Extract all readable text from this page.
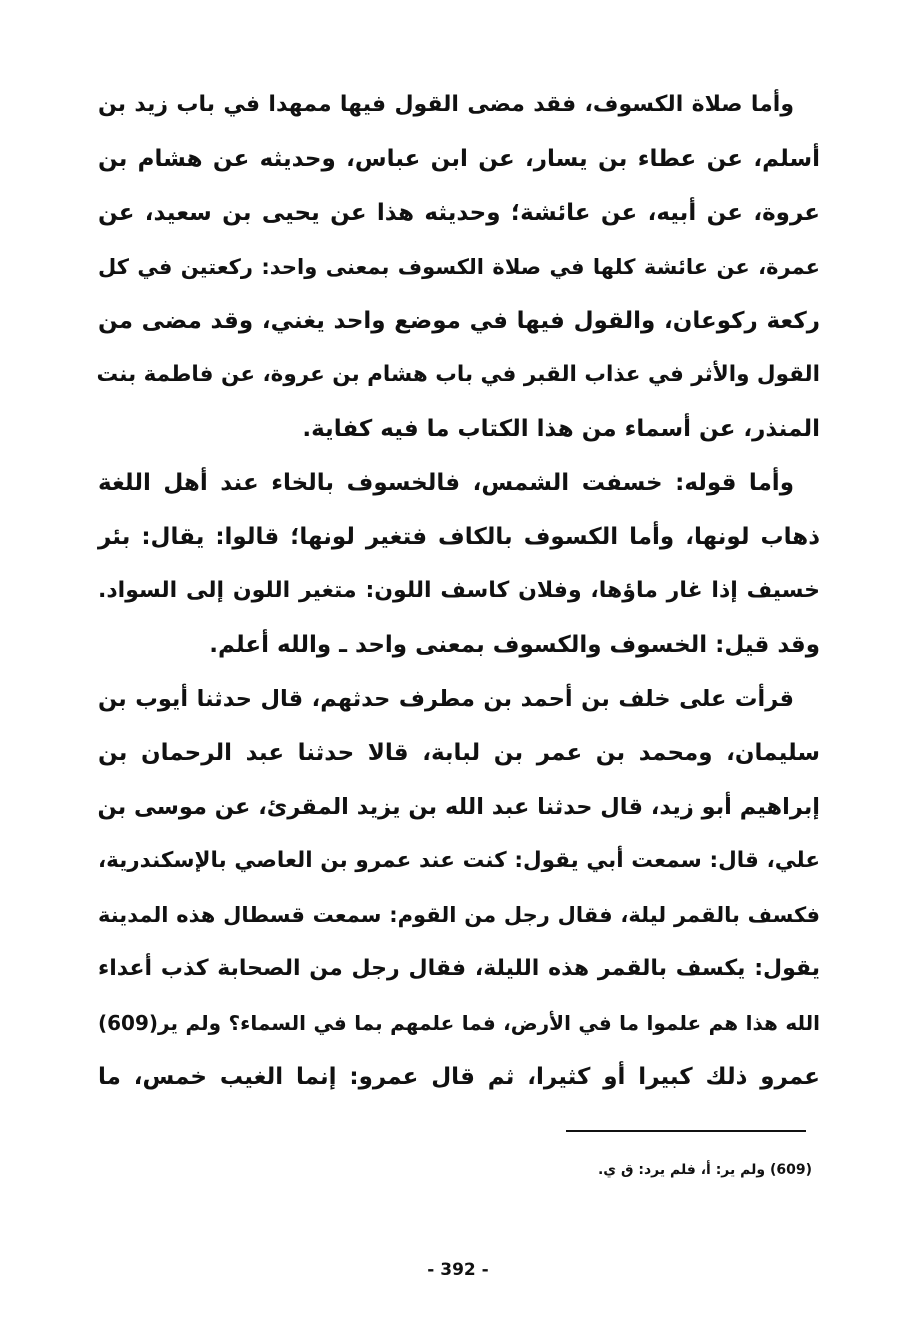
وأما صلاة الكسوف، فقد مضى القول فيها ممهدا في باب زيد بن
أسلم، عن عطاء بن يسار، عن ابن عباس، وحديثه عن هشام بن
عروة، عن أبيه، عن عائشة؛ وحديثه هذا عن يحيى بن سعيد، عن
عمرة، عن عائشة كلها في صلاة الكسوف بمعنى واحد: ركعتين في كل
ركعة ركوعان، والقول فيها في موضع واحد يغني، وقد مضى من
القول والأثر في عذاب القبر في باب هشام بن عروة، عن فاطمة بنت
المنذر، عن أسماء من هذا الكتاب ما فيه كفاية.
وأما قوله: خسفت الشمس، فالخسوف بالخاء عند أهل اللغة
ذهاب لونها، وأما الكسوف بالكاف فتغير لونها؛ قالوا: يقال: بئر
خسيف إذا غار ماؤها، وفلان كاسف اللون: متغير اللون إلى السواد.
وقد قيل: الخسوف والكسوف بمعنى واحد ـ والله أعلم.
قرأت على خلف بن أحمد بن مطرف حدثهم، قال حدثنا أيوب بن
سليمان، ومحمد بن عمر بن لبابة، قالا حدثنا عبد الرحمان بن
إبراهيم أبو زيد، قال حدثنا عبد الله بن يزيد المقرئ، عن موسى بن
علي، قال: سمعت أبي يقول: كنت عند عمرو بن العاصي بالإسكندرية،
فكسف بالقمر ليلة، فقال رجل من القوم: سمعت قسطال هذه المدينة
يقول: يكسف بالقمر هذه الليلة، فقال رجل من الصحابة كذب أعداء
الله هذا هم علموا ما في الأرض، فما علمهم بما في السماء؟ ولم ير(609)
عمرو ذلك كبيرا أو كثيرا، ثم قال عمرو: إنما الغيب خمس، ما
(609) ولم ير: أ، فلم يرد: ق ي.
- 392 -
